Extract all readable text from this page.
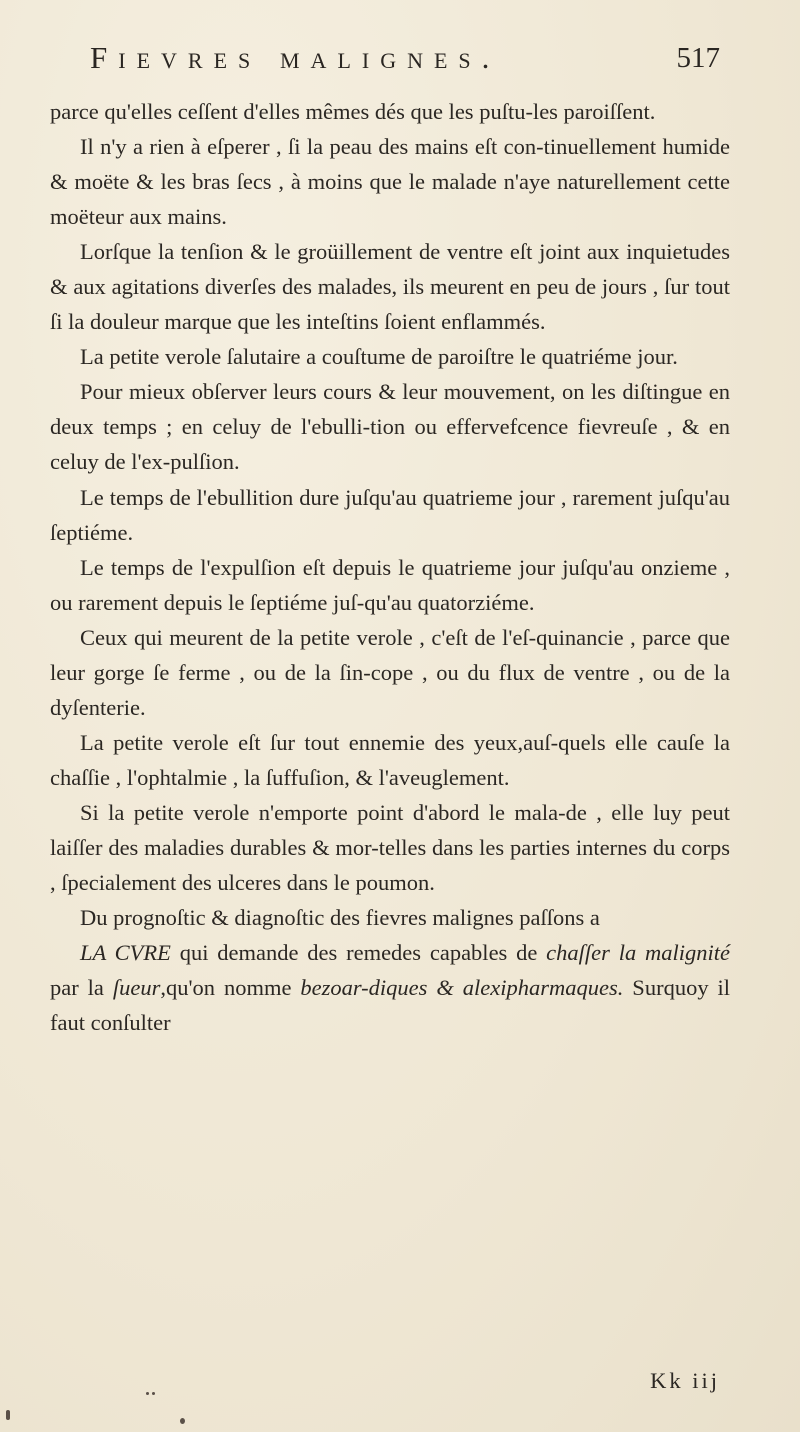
Fievres malignes.	517

parce qu'elles ceſſent d'elles mêmes dés que les puſtu-les paroiſſent.

Il n'y a rien à eſperer , ſi la peau des mains eſt con-tinuellement humide & moëte & les bras ſecs , à moins que le malade n'aye naturellement cette moëteur aux mains.

Lorſque la tenſion & le groüillement de ventre eſt joint aux inquietudes & aux agitations diverſes des malades, ils meurent en peu de jours , ſur tout ſi la douleur marque que les inteſtins ſoient enflammés.

La petite verole ſalutaire a couſtume de paroiſtre le quatriéme jour.

Pour mieux obſerver leurs cours & leur mouvement, on les diſtingue en deux temps ; en celuy de l'ebulli-tion ou effervefcence fievreuſe , & en celuy de l'ex-pulſion.

Le temps de l'ebullition dure juſqu'au quatrieme jour , rarement juſqu'au ſeptiéme.

Le temps de l'expulſion eſt depuis le quatrieme jour juſqu'au onzieme , ou rarement depuis le ſeptiéme juſ-qu'au quatorziéme.

Ceux qui meurent de la petite verole , c'eſt de l'eſ-quinancie , parce que leur gorge ſe ferme , ou de la ſin-cope , ou du flux de ventre , ou de la dyſenterie.

La petite verole eſt ſur tout ennemie des yeux,auſ-quels elle cauſe la chaſſie , l'ophtalmie , la ſuffuſion, & l'aveuglement.

Si la petite verole n'emporte point d'abord le mala-de , elle luy peut laiſſer des maladies durables & mor-telles dans les parties internes du corps , ſpecialement des ulceres dans le poumon.

Du prognoſtic & diagnoſtic des fievres malignes paſſons a

LA CVRE qui demande des remedes capables de chaſſer la malignité par la ſueur,qu'on nomme bezoar-diques & alexipharmaques. Surquoy il faut conſulter

Kk iij
